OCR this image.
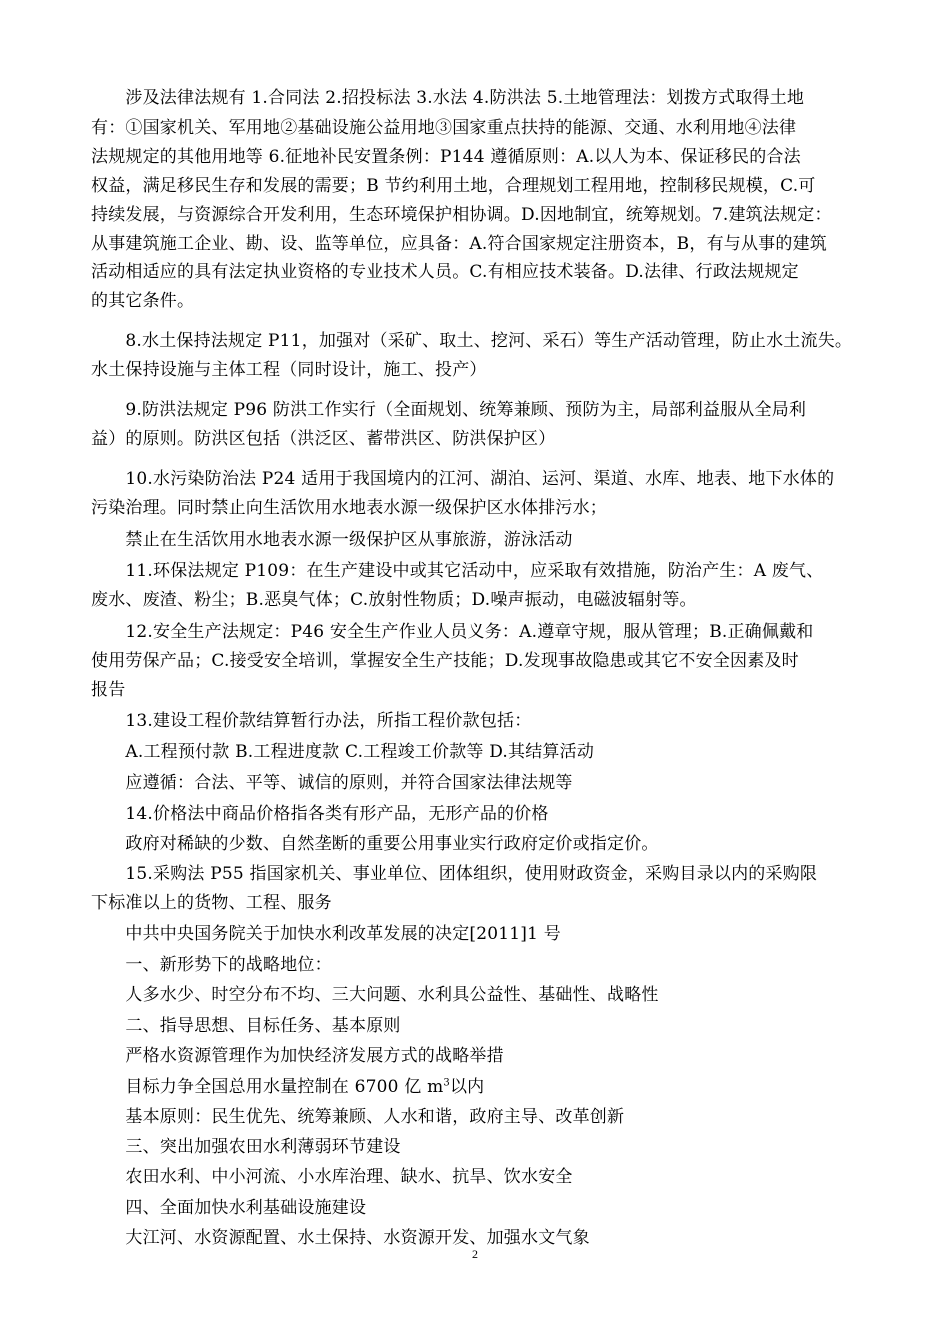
　　涉及法律法规有 1.合同法 2.招投标法 3.水法 4.防洪法 5.土地管理法：划拨方式取得土地
有：①国家机关、军用地②基础设施公益用地③国家重点扶持的能源、交通、水利用地④法律
法规规定的其他用地等 6.征地补民安置条例：P144 遵循原则：A.以人为本、保证移民的合法
权益，满足移民生存和发展的需要；B 节约利用土地，合理规划工程用地，控制移民规模，C.可
持续发展，与资源综合开发利用，生态环境保护相协调。D.因地制宜，统筹规划。7.建筑法规定：
从事建筑施工企业、勘、设、监等单位，应具备：A.符合国家规定注册资本，B，有与从事的建筑
活动相适应的具有法定执业资格的专业技术人员。C.有相应技术装备。D.法律、行政法规规定
的其它条件。
　　8.水土保持法规定 P11，加强对（采矿、取土、挖河、采石）等生产活动管理，防止水土流失。
水土保持设施与主体工程（同时设计，施工、投产）
　　9.防洪法规定 P96 防洪工作实行（全面规划、统筹兼顾、预防为主，局部利益服从全局利
益）的原则。防洪区包括（洪泛区、蓄带洪区、防洪保护区）
　　10.水污染防治法 P24 适用于我国境内的江河、湖泊、运河、渠道、水库、地表、地下水体的
污染治理。同时禁止向生活饮用水地表水源一级保护区水体排污水；
　　禁止在生活饮用水地表水源一级保护区从事旅游，游泳活动
　　11.环保法规定 P109：在生产建设中或其它活动中，应采取有效措施，防治产生：A 废气、
废水、废渣、粉尘；B.恶臭气体；C.放射性物质；D.噪声振动，电磁波辐射等。
　　12.安全生产法规定：P46 安全生产作业人员义务：A.遵章守规，服从管理；B.正确佩戴和
使用劳保产品；C.接受安全培训，掌握安全生产技能；D.发现事故隐患或其它不安全因素及时
报告
　　13.建设工程价款结算暂行办法，所指工程价款包括：
　　A.工程预付款 B.工程进度款 C.工程竣工价款等 D.其结算活动
　　应遵循：合法、平等、诚信的原则，并符合国家法律法规等
　　14.价格法中商品价格指各类有形产品，无形产品的价格
　　政府对稀缺的少数、自然垄断的重要公用事业实行政府定价或指定价。
　　15.采购法 P55 指国家机关、事业单位、团体组织，使用财政资金，采购目录以内的采购限
下标准以上的货物、工程、服务
　　中共中央国务院关于加快水利改革发展的决定[2011]1 号
　　一、新形势下的战略地位：
　　人多水少、时空分布不均、三大问题、水利具公益性、基础性、战略性
　　二、指导思想、目标任务、基本原则
　　严格水资源管理作为加快经济发展方式的战略举措
　　目标力争全国总用水量控制在 6700 亿 $m^3$以内
　　基本原则：民生优先、统筹兼顾、人水和谐，政府主导、改革创新
　　三、突出加强农田水利薄弱环节建设
　　农田水利、中小河流、小水库治理、缺水、抗旱、饮水安全
　　四、全面加快水利基础设施建设
　　大江河、水资源配置、水土保持、水资源开发、加强水文气象
2
